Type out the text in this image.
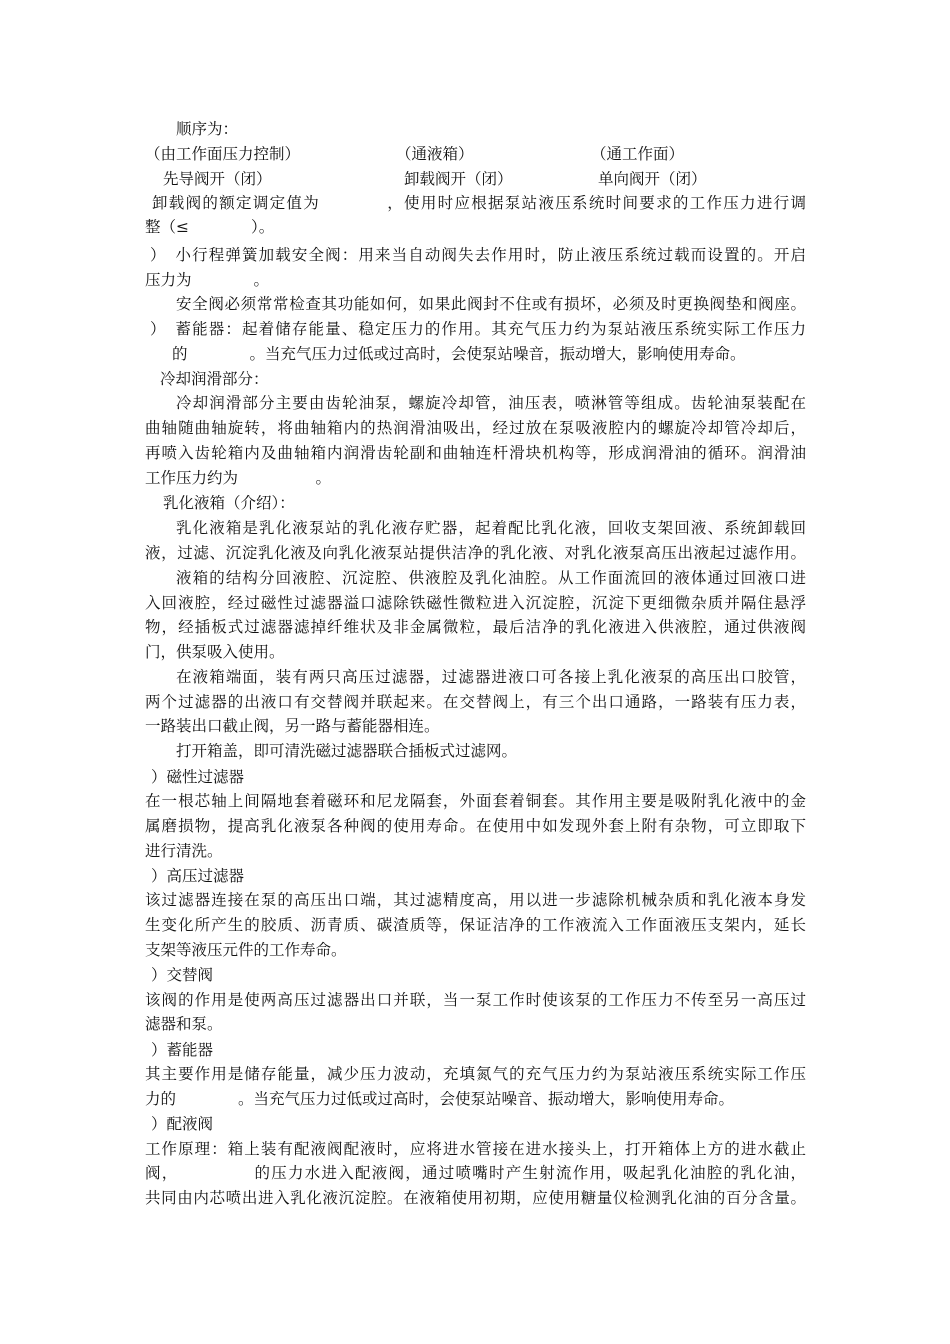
顺序为：
（由工作面压力控制）	（通液箱）	（通工作面）
先导阀开（闭）	卸载阀开（闭）	单向阀开（闭）
卸载阀的额定调定值为　　　　，使用时应根据泵站液压系统时间要求的工作压力进行调
整（≤　　　　）。
）　小行程弹簧加载安全阀：用来当自动阀失去作用时，防止液压系统过载而设置的。开启
压力为　　　　。
安全阀必须常常检查其功能如何，如果此阀封不住或有损坏，必须及时更换阀垫和阀座。
）　蓄能器：起着储存能量、稳定压力的作用。其充气压力约为泵站液压系统实际工作压力
的　　　　。当充气压力过低或过高时，会使泵站噪音，振动增大，影响使用寿命。
冷却润滑部分：
冷却润滑部分主要由齿轮油泵，螺旋冷却管，油压表，喷淋管等组成。齿轮油泵装配在
曲轴随曲轴旋转，将曲轴箱内的热润滑油吸出，经过放在泵吸液腔内的螺旋冷却管冷却后，
再喷入齿轮箱内及曲轴箱内润滑齿轮副和曲轴连杆滑块机构等，形成润滑油的循环。润滑油
工作压力约为　　　　　。
乳化液箱（介绍）：
乳化液箱是乳化液泵站的乳化液存贮器，起着配比乳化液，回收支架回液、系统卸载回
液，过滤、沉淀乳化液及向乳化液泵站提供洁净的乳化液、对乳化液泵高压出液起过滤作用。
液箱的结构分回液腔、沉淀腔、供液腔及乳化油腔。从工作面流回的液体通过回液口进
入回液腔，经过磁性过滤器溢口滤除铁磁性微粒进入沉淀腔，沉淀下更细微杂质并隔住悬浮
物，经插板式过滤器滤掉纤维状及非金属微粒，最后洁净的乳化液进入供液腔，通过供液阀
门，供泵吸入使用。
在液箱端面，装有两只高压过滤器，过滤器进液口可各接上乳化液泵的高压出口胶管，
两个过滤器的出液口有交替阀并联起来。在交替阀上，有三个出口通路，一路装有压力表，
一路装出口截止阀，另一路与蓄能器相连。
打开箱盖，即可清洗磁过滤器联合插板式过滤网。
）磁性过滤器
在一根芯轴上间隔地套着磁环和尼龙隔套，外面套着铜套。其作用主要是吸附乳化液中的金
属磨损物，提高乳化液泵各种阀的使用寿命。在使用中如发现外套上附有杂物，可立即取下
进行清洗。
）高压过滤器
该过滤器连接在泵的高压出口端，其过滤精度高，用以进一步滤除机械杂质和乳化液本身发
生变化所产生的胶质、沥青质、碳渣质等，保证洁净的工作液流入工作面液压支架内，延长
支架等液压元件的工作寿命。
）交替阀
该阀的作用是使两高压过滤器出口并联，当一泵工作时使该泵的工作压力不传至另一高压过
滤器和泵。
）蓄能器
其主要作用是储存能量，减少压力波动，充填氮气的充气压力约为泵站液压系统实际工作压
力的　　　　。当充气压力过低或过高时，会使泵站噪音、振动增大，影响使用寿命。
）配液阀
工作原理：箱上装有配液阀配液时，应将进水管接在进水接头上，打开箱体上方的进水截止
阀，　　　　　的压力水进入配液阀，通过喷嘴时产生射流作用，吸起乳化油腔的乳化油，
共同由内芯喷出进入乳化液沉淀腔。在液箱使用初期，应使用糖量仪检测乳化油的百分含量。
